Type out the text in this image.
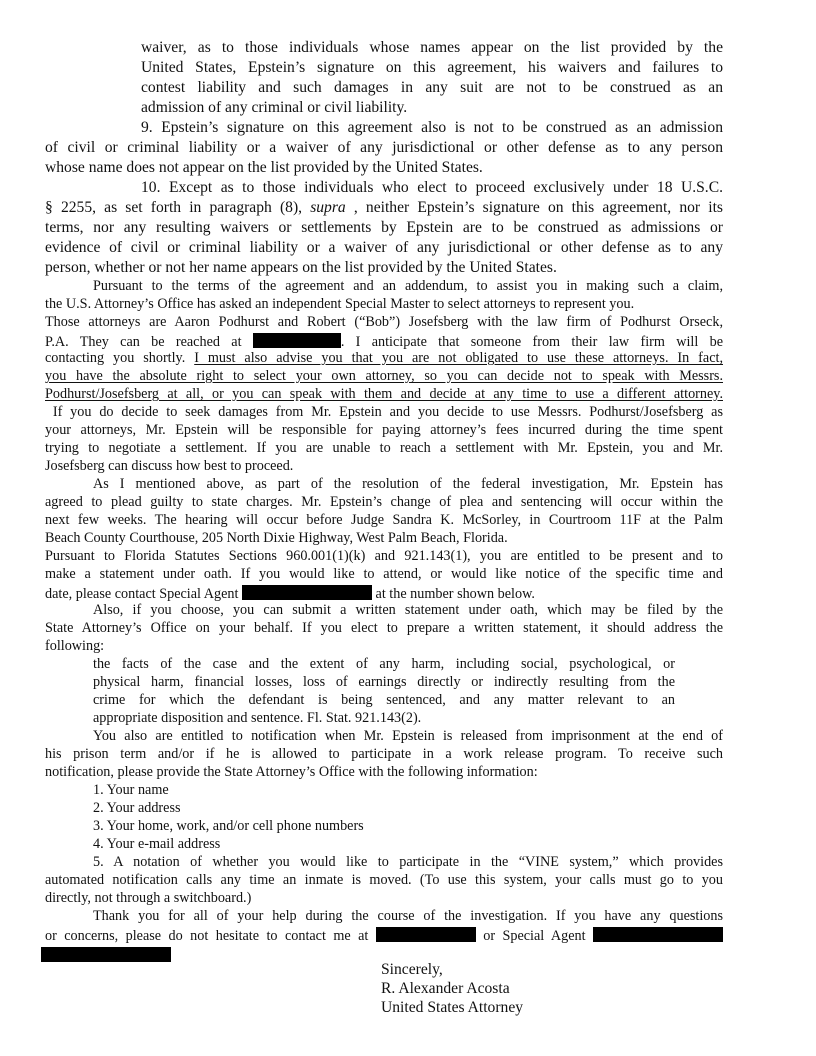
waiver, as to those individuals whose names appear on the list provided by the
United States, Epstein’s signature on this agreement, his waivers and failures to
contest liability and such damages in any suit are not to be construed as an
admission of any criminal or civil liability.
9. Epstein’s signature on this agreement also is not to be construed as an admission
of civil or criminal liability or a waiver of any jurisdictional or other defense as to any person
whose name does not appear on the list provided by the United States.
10. Except as to those individuals who elect to proceed exclusively under 18 U.S.C.
§ 2255, as set forth in paragraph (8), supra , neither Epstein’s signature on this agreement, nor its
terms, nor any resulting waivers or settlements by Epstein are to be construed as admissions or
evidence of civil or criminal liability or a waiver of any jurisdictional or other defense as to any
person, whether or not her name appears on the list provided by the United States.
Pursuant to the terms of the agreement and an addendum, to assist you in making such a claim,
the U.S. Attorney’s Office has asked an independent Special Master to select attorneys to represent you.
Those attorneys are Aaron Podhurst and Robert (“Bob”) Josefsberg with the law firm of Podhurst Orseck,
P.A. They can be reached at	. I anticipate that someone from their law firm will be
contacting you shortly. I must also advise you that you are not obligated to use these attorneys. In fact,
you have the absolute right to select your own attorney, so you can decide not to speak with Messrs.
Podhurst/Josefsberg at all, or you can speak with them and decide at any time to use a different attorney.
If you do decide to seek damages from Mr. Epstein and you decide to use Messrs. Podhurst/Josefsberg as
your attorneys, Mr. Epstein will be responsible for paying attorney’s fees incurred during the time spent
trying to negotiate a settlement. If you are unable to reach a settlement with Mr. Epstein, you and Mr.
Josefsberg can discuss how best to proceed.
As I mentioned above, as part of the resolution of the federal investigation, Mr. Epstein has
agreed to plead guilty to state charges. Mr. Epstein’s change of plea and sentencing will occur within the
next few weeks. The hearing will occur before Judge Sandra K. McSorley, in Courtroom 11F at the Palm
Beach County Courthouse, 205 North Dixie Highway, West Palm Beach, Florida.
Pursuant to Florida Statutes Sections 960.001(1)(k) and 921.143(1), you are entitled to be present and to
make a statement under oath. If you would like to attend, or would like notice of the specific time and
date, please contact Special Agent	at the number shown below.
Also, if you choose, you can submit a written statement under oath, which may be filed by the
State Attorney’s Office on your behalf. If you elect to prepare a written statement, it should address the
following:
the facts of the case and the extent of any harm, including social, psychological, or
physical harm, financial losses, loss of earnings directly or indirectly resulting from the
crime for which the defendant is being sentenced, and any matter relevant to an
appropriate disposition and sentence. Fl. Stat. 921.143(2).
You also are entitled to notification when Mr. Epstein is released from imprisonment at the end of
his prison term and/or if he is allowed to participate in a work release program. To receive such
notification, please provide the State Attorney’s Office with the following information:
1. Your name
2. Your address
3. Your home, work, and/or cell phone numbers
4. Your e-mail address
5. A notation of whether you would like to participate in the “VINE system,” which provides
automated notification calls any time an inmate is moved. (To use this system, your calls must go to you
directly, not through a switchboard.)
Thank you for all of your help during the course of the investigation. If you have any questions
or concerns, please do not hesitate to contact me at	or Special Agent
Sincerely,
R. Alexander Acosta
United States Attorney
